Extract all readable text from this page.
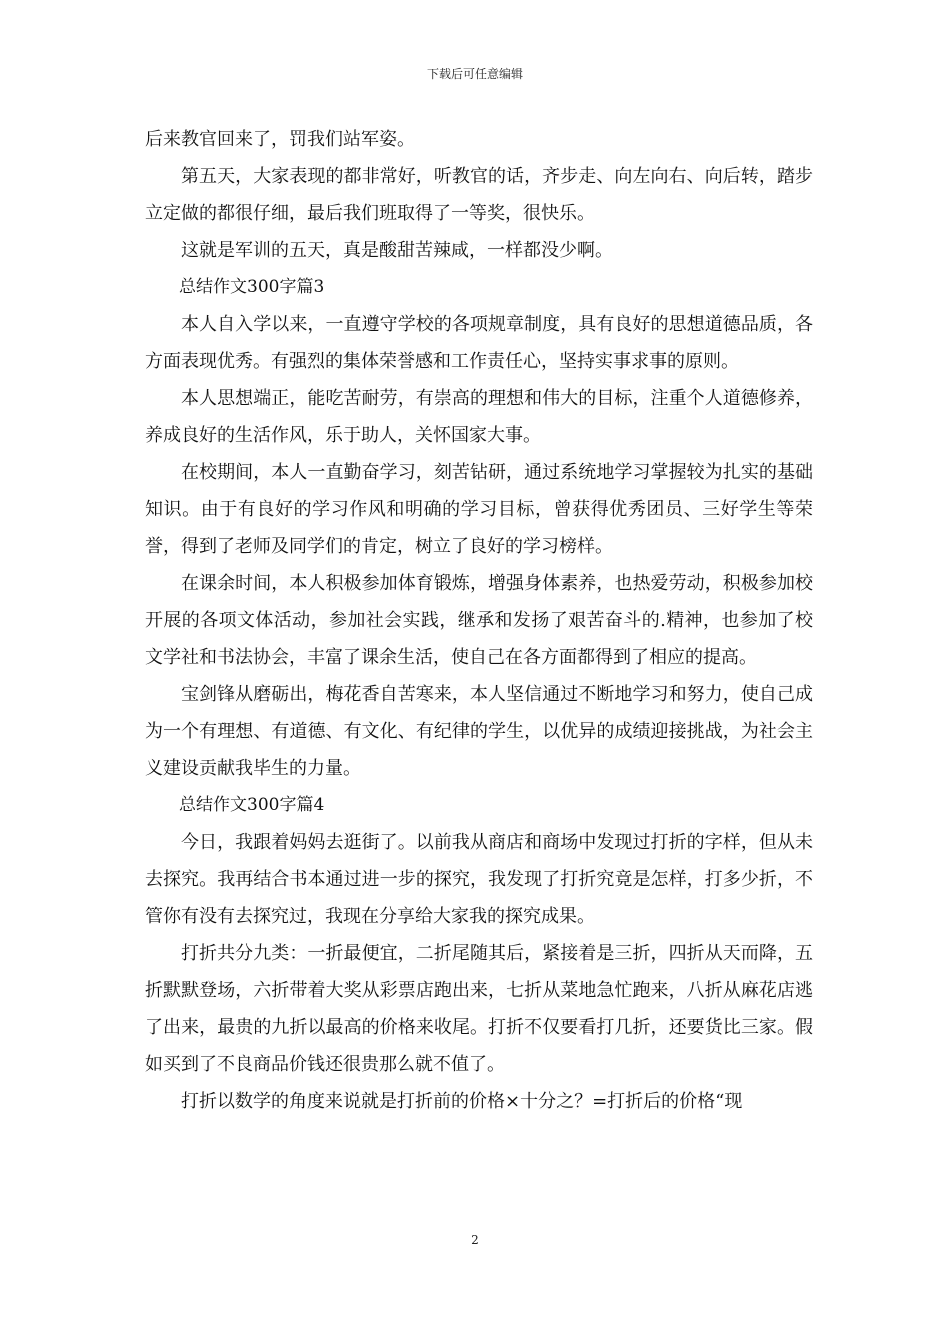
下载后可任意编辑

后来教官回来了，罚我们站军姿。

第五天，大家表现的都非常好，听教官的话，齐步走、向左向右、向后转，踏步立定做的都很仔细，最后我们班取得了一等奖，很快乐。

这就是军训的五天，真是酸甜苦辣咸，一样都没少啊。

总结作文300字篇3

本人自入学以来，一直遵守学校的各项规章制度，具有良好的思想道德品质，各方面表现优秀。有强烈的集体荣誉感和工作责任心，坚持实事求事的原则。

本人思想端正，能吃苦耐劳，有崇高的理想和伟大的目标，注重个人道德修养，养成良好的生活作风，乐于助人，关怀国家大事。

在校期间，本人一直勤奋学习，刻苦钻研，通过系统地学习掌握较为扎实的基础知识。由于有良好的学习作风和明确的学习目标，曾获得优秀团员、三好学生等荣誉，得到了老师及同学们的肯定，树立了良好的学习榜样。

在课余时间，本人积极参加体育锻炼，增强身体素养，也热爱劳动，积极参加校开展的各项文体活动，参加社会实践，继承和发扬了艰苦奋斗的.精神，也参加了校文学社和书法协会，丰富了课余生活，使自己在各方面都得到了相应的提高。

宝剑锋从磨砺出，梅花香自苦寒来，本人坚信通过不断地学习和努力，使自己成为一个有理想、有道德、有文化、有纪律的学生，以优异的成绩迎接挑战，为社会主义建设贡献我毕生的力量。

总结作文300字篇4

今日，我跟着妈妈去逛街了。以前我从商店和商场中发现过打折的字样，但从未去探究。我再结合书本通过进一步的探究，我发现了打折究竟是怎样，打多少折，不管你有没有去探究过，我现在分享给大家我的探究成果。

打折共分九类：一折最便宜，二折尾随其后，紧接着是三折，四折从天而降，五折默默登场，六折带着大奖从彩票店跑出来，七折从菜地急忙跑来，八折从麻花店逃了出来，最贵的九折以最高的价格来收尾。打折不仅要看打几折，还要货比三家。假如买到了不良商品价钱还很贵那么就不值了。

打折以数学的角度来说就是打折前的价格×十分之？=打折后的价格“现

2
